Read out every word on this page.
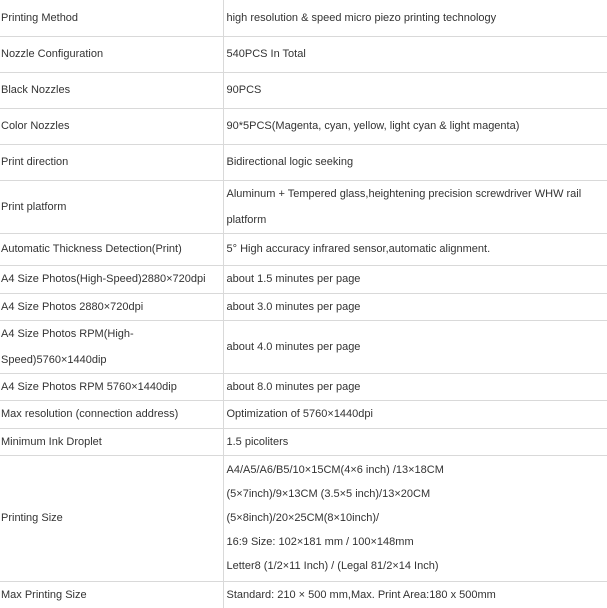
Printing Method	high resolution & speed micro piezo printing technology

Nozzle Configuration	540PCS In Total

Black Nozzles	90PCS

Color Nozzles	90*5PCS(Magenta, cyan, yellow, light cyan & light magenta)

Print direction	Bidirectional logic seeking

Print platform	Aluminum + Tempered glass,heightening precision screwdriver WHW rail
platform

Automatic Thickness Detection(Print)	5° High accuracy infrared sensor,automatic alignment.

A4 Size Photos(High-Speed)2880×720dpi	about 1.5 minutes per page

A4 Size Photos 2880×720dpi	about 3.0 minutes per page

A4 Size Photos RPM(High-
Speed)5760×1440dip	about 4.0 minutes per page

A4 Size Photos RPM 5760×1440dip	about 8.0 minutes per page

Max resolution (connection address)	Optimization of 5760×1440dpi

Minimum Ink Droplet	1.5 picoliters

Printing Size	A4/A5/A6/B5/10×15CM(4×6 inch) /13×18CM
(5×7inch)/9×13CM (3.5×5 inch)/13×20CM
(5×8inch)/20×25CM(8×10inch)/
16:9 Size: 102×181 mm / 100×148mm
Letter8 (1/2×11 Inch) / (Legal 81/2×14 Inch)

Max Printing Size	Standard: 210 × 500 mm,Max. Print Area:180 x 500mm
